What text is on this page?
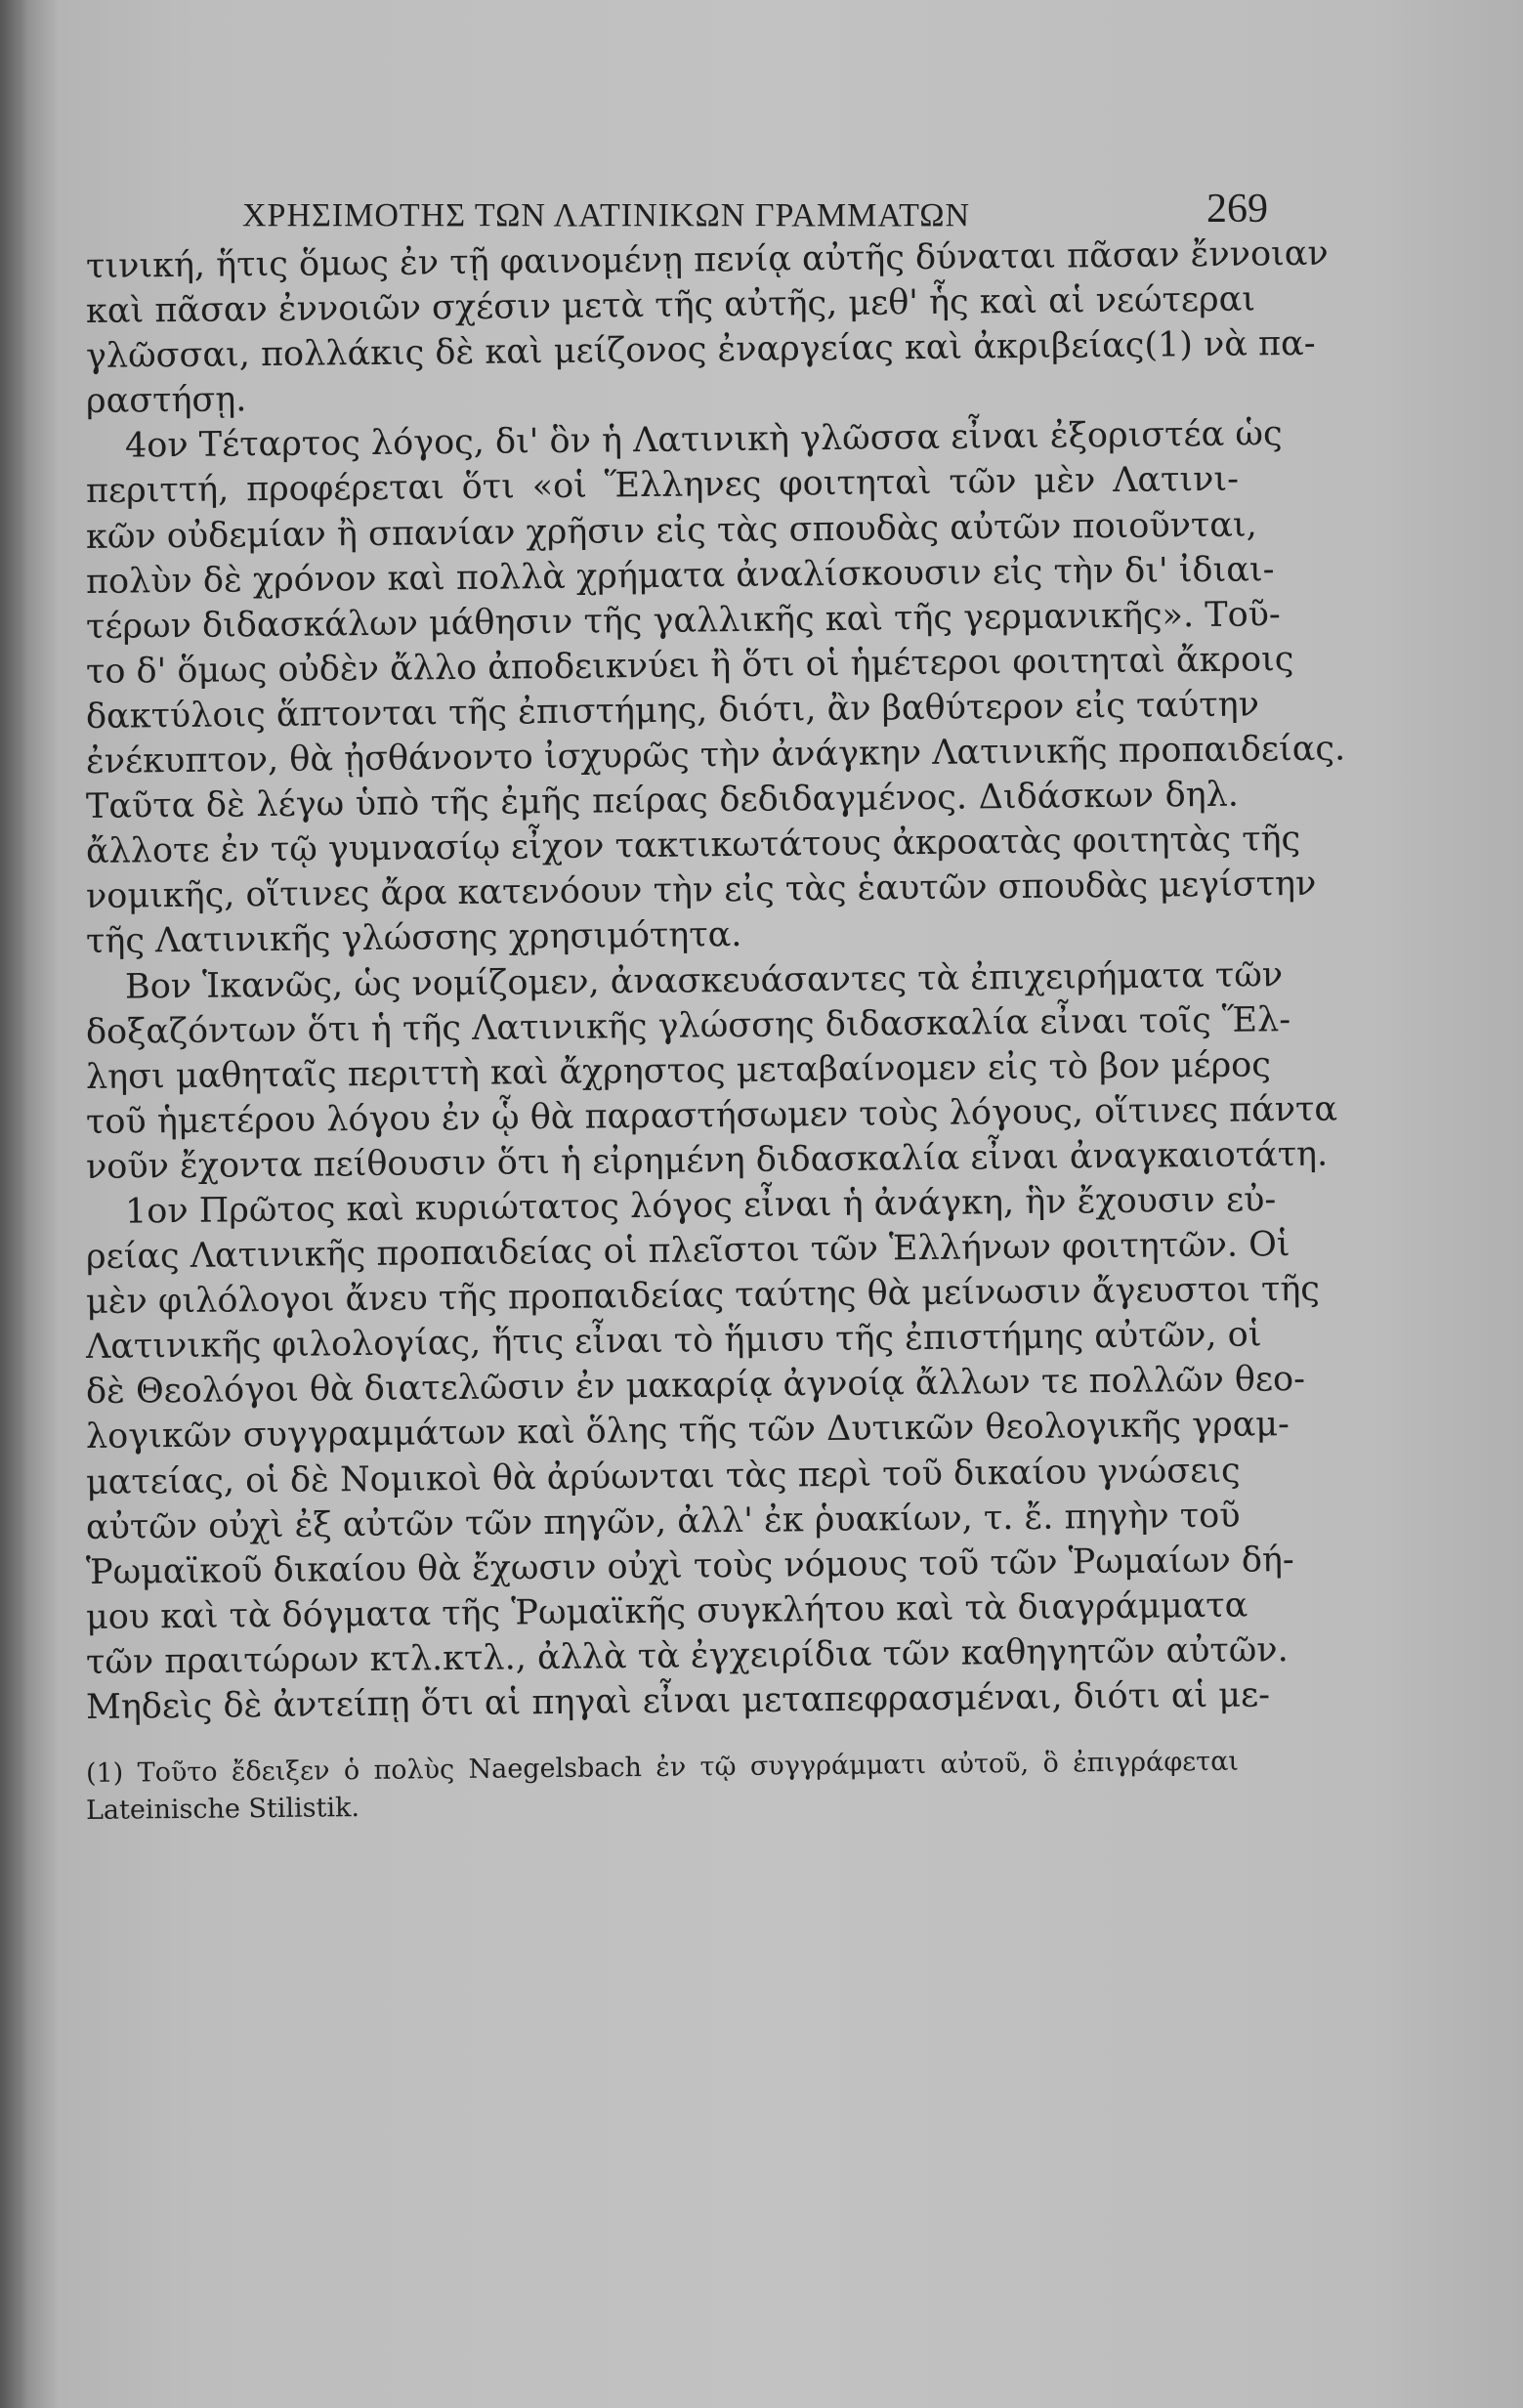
ΧΡΗΣΙΜΟΤΗΣ ΤΩΝ ΛΑΤΙΝΙΚΩΝ ΓΡΑΜΜΑΤΩΝ	269
τινική, ἥτις ὅμως ἐν τῇ φαινομένῃ πενίᾳ αὐτῆς δύναται πᾶσαν ἔννοιαν
καὶ πᾶσαν ἐννοιῶν σχέσιν μετὰ τῆς αὐτῆς, μεθ' ἧς καὶ αἱ νεώτεραι
γλῶσσαι, πολλάκις δὲ καὶ μείζονος ἐναργείας καὶ ἀκριβείας(1) νὰ πα-
ραστήσῃ.
4ον Τέταρτος λόγος, δι' ὃν ἡ Λατινικὴ γλῶσσα εἶναι ἐξοριστέα ὡς
περιττή, προφέρεται ὅτι «οἱ Ἕλληνες φοιτηταὶ τῶν μὲν Λατινι-
κῶν οὐδεμίαν ἢ σπανίαν χρῆσιν εἰς τὰς σπουδὰς αὐτῶν ποιοῦνται,
πολὺν δὲ χρόνον καὶ πολλὰ χρήματα ἀναλίσκουσιν εἰς τὴν δι' ἰδιαι-
τέρων διδασκάλων μάθησιν τῆς γαλλικῆς καὶ τῆς γερμανικῆς». Τοῦ-
το δ' ὅμως οὐδὲν ἄλλο ἀποδεικνύει ἢ ὅτι οἱ ἡμέτεροι φοιτηταὶ ἄκροις
δακτύλοις ἅπτονται τῆς ἐπιστήμης, διότι, ἂν βαθύτερον εἰς ταύτην
ἐνέκυπτον, θὰ ᾐσθάνοντο ἰσχυρῶς τὴν ἀνάγκην Λατινικῆς προπαιδείας.
Ταῦτα δὲ λέγω ὑπὸ τῆς ἐμῆς πείρας δεδιδαγμένος. Διδάσκων δηλ.
ἄλλοτε ἐν τῷ γυμνασίῳ εἶχον τακτικωτάτους ἀκροατὰς φοιτητὰς τῆς
νομικῆς, οἵτινες ἄρα κατενόουν τὴν εἰς τὰς ἑαυτῶν σπουδὰς μεγίστην
τῆς Λατινικῆς γλώσσης χρησιμότητα.
Βον Ἱκανῶς, ὡς νομίζομεν, ἀνασκευάσαντες τὰ ἐπιχειρήματα τῶν
δοξαζόντων ὅτι ἡ τῆς Λατινικῆς γλώσσης διδασκαλία εἶναι τοῖς Ἕλ-
λησι μαθηταῖς περιττὴ καὶ ἄχρηστος μεταβαίνομεν εἰς τὸ βον μέρος
τοῦ ἡμετέρου λόγου ἐν ᾧ θὰ παραστήσωμεν τοὺς λόγους, οἵτινες πάντα
νοῦν ἔχοντα πείθουσιν ὅτι ἡ εἰρημένη διδασκαλία εἶναι ἀναγκαιοτάτη.
1ον Πρῶτος καὶ κυριώτατος λόγος εἶναι ἡ ἀνάγκη, ἣν ἔχουσιν εὐ-
ρείας Λατινικῆς προπαιδείας οἱ πλεῖστοι τῶν Ἑλλήνων φοιτητῶν. Οἱ
μὲν φιλόλογοι ἄνευ τῆς προπαιδείας ταύτης θὰ μείνωσιν ἄγευστοι τῆς
Λατινικῆς φιλολογίας, ἥτις εἶναι τὸ ἥμισυ τῆς ἐπιστήμης αὐτῶν, οἱ
δὲ Θεολόγοι θὰ διατελῶσιν ἐν μακαρίᾳ ἀγνοίᾳ ἄλλων τε πολλῶν θεο-
λογικῶν συγγραμμάτων καὶ ὅλης τῆς τῶν Δυτικῶν θεολογικῆς γραμ-
ματείας, οἱ δὲ Νομικοὶ θὰ ἀρύωνται τὰς περὶ τοῦ δικαίου γνώσεις
αὐτῶν οὐχὶ ἐξ αὐτῶν τῶν πηγῶν, ἀλλ' ἐκ ῥυακίων, τ. ἔ. πηγὴν τοῦ
Ῥωμαϊκοῦ δικαίου θὰ ἔχωσιν οὐχὶ τοὺς νόμους τοῦ τῶν Ῥωμαίων δή-
μου καὶ τὰ δόγματα τῆς Ῥωμαϊκῆς συγκλήτου καὶ τὰ διαγράμματα
τῶν πραιτώρων κτλ.κτλ., ἀλλὰ τὰ ἐγχειρίδια τῶν καθηγητῶν αὐτῶν.
Μηδεὶς δὲ ἀντείπῃ ὅτι αἱ πηγαὶ εἶναι μεταπεφρασμέναι, διότι αἱ με-
(1) Τοῦτο ἔδειξεν ὁ πολὺς Naegelsbach ἐν τῷ συγγράμματι αὐτοῦ, ὃ ἐπιγράφεται
Lateinische Stilistik.
